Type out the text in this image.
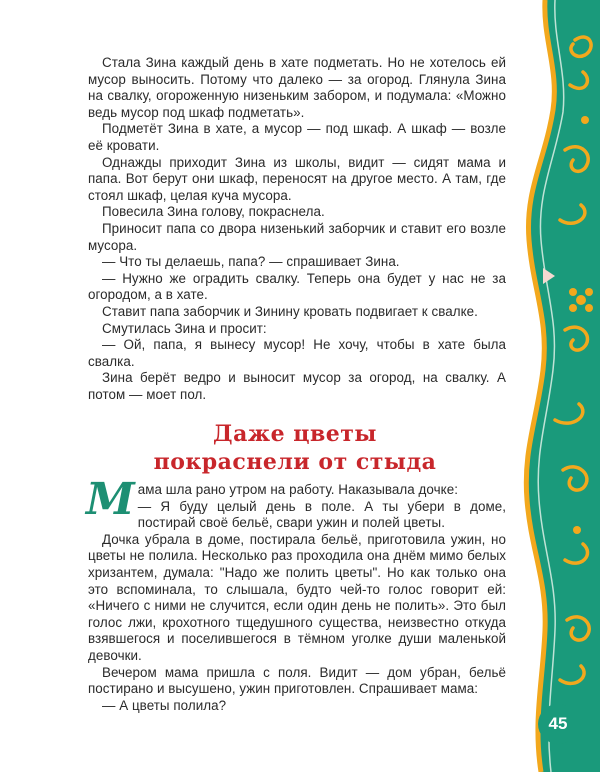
Стала Зина каждый день в хате подметать. Но не хотелось ей мусор выносить. Потому что далеко — за огород. Глянула Зина на свалку, огороженную низеньким забором, и подумала: «Можно ведь мусор под шкаф подметать».

Подметёт Зина в хате, а мусор — под шкаф. А шкаф — возле её кровати.

Однажды приходит Зина из школы, видит — сидят мама и папа. Вот берут они шкаф, переносят на другое место. А там, где стоял шкаф, целая куча мусора.

Повесила Зина голову, покраснела.

Приносит папа со двора низенький заборчик и ставит его возле мусора.

— Что ты делаешь, папа? — спрашивает Зина.

— Нужно же оградить свалку. Теперь она будет у нас не за огородом, а в хате.

Ставит папа заборчик и Зинину кровать подвигает к свалке.

Смутилась Зина и просит:

— Ой, папа, я вынесу мусор! Не хочу, чтобы в хате была свалка.

Зина берёт ведро и выносит мусор за огород, на свалку. А потом — моет пол.

Даже цветы
покраснели от стыда

Мама шла рано утром на работу. Наказывала дочке:

— Я буду целый день в поле. А ты убери в доме, постирай своё бельё, свари ужин и полей цветы.

Дочка убрала в доме, постирала бельё, приготовила ужин, но цветы не полила. Несколько раз проходила она днём мимо белых хризантем, думала: "Надо же полить цветы". Но как только она это вспоминала, то слышала, будто чей-то голос говорит ей: «Ничего с ними не случится, если один день не полить». Это был голос лжи, крохотного тщедушного существа, неизвестно откуда взявшегося и поселившегося в тёмном уголке души маленькой девочки.

Вечером мама пришла с поля. Видит — дом убран, бельё постирано и высушено, ужин приготовлен. Спрашивает мама:

— А цветы полила?

45
